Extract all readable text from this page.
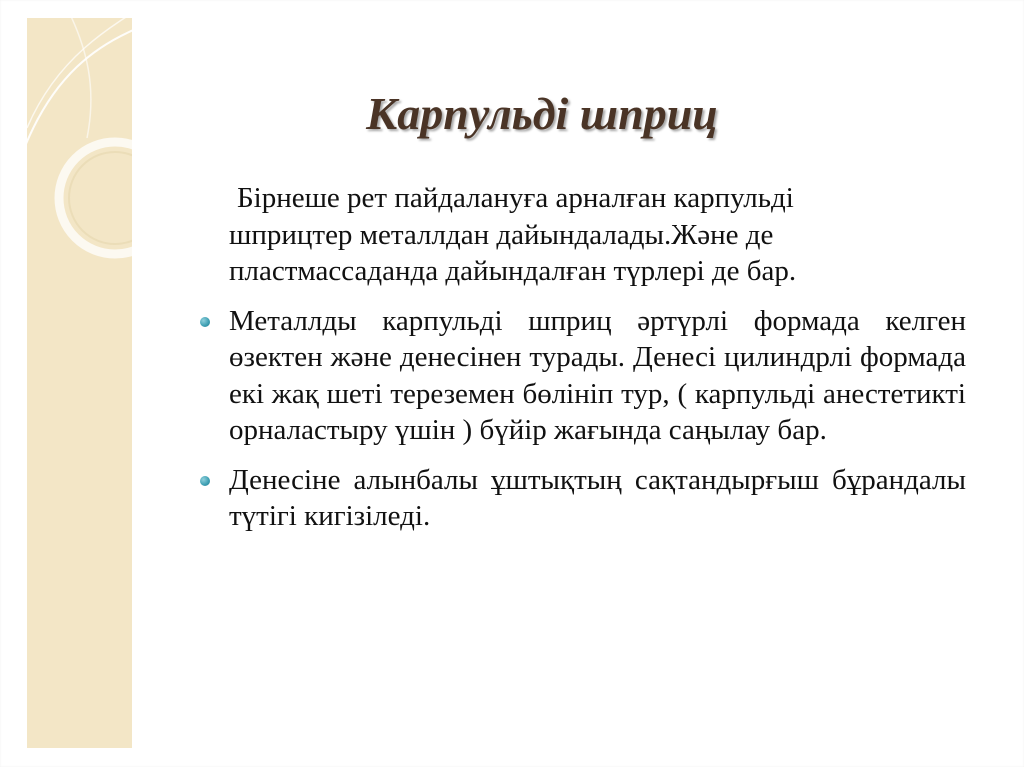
Карпульді шприц

Бірнеше рет пайдалануға арналған карпульді шприцтер металлдан дайындалады.Және де пластмассаданда дайындалған түрлері де бар.

Металлды карпульді шприц әртүрлі формада келген өзектен және денесінен турады. Денесі цилиндрлі формада екі жақ шеті тереземен бөлініп тур, ( карпульді анестетикті орналастыру үшін ) бүйір жағында саңылау бар.
Денесіне алынбалы ұштықтың сақтандырғыш бұрандалы түтігі кигізіледі.
